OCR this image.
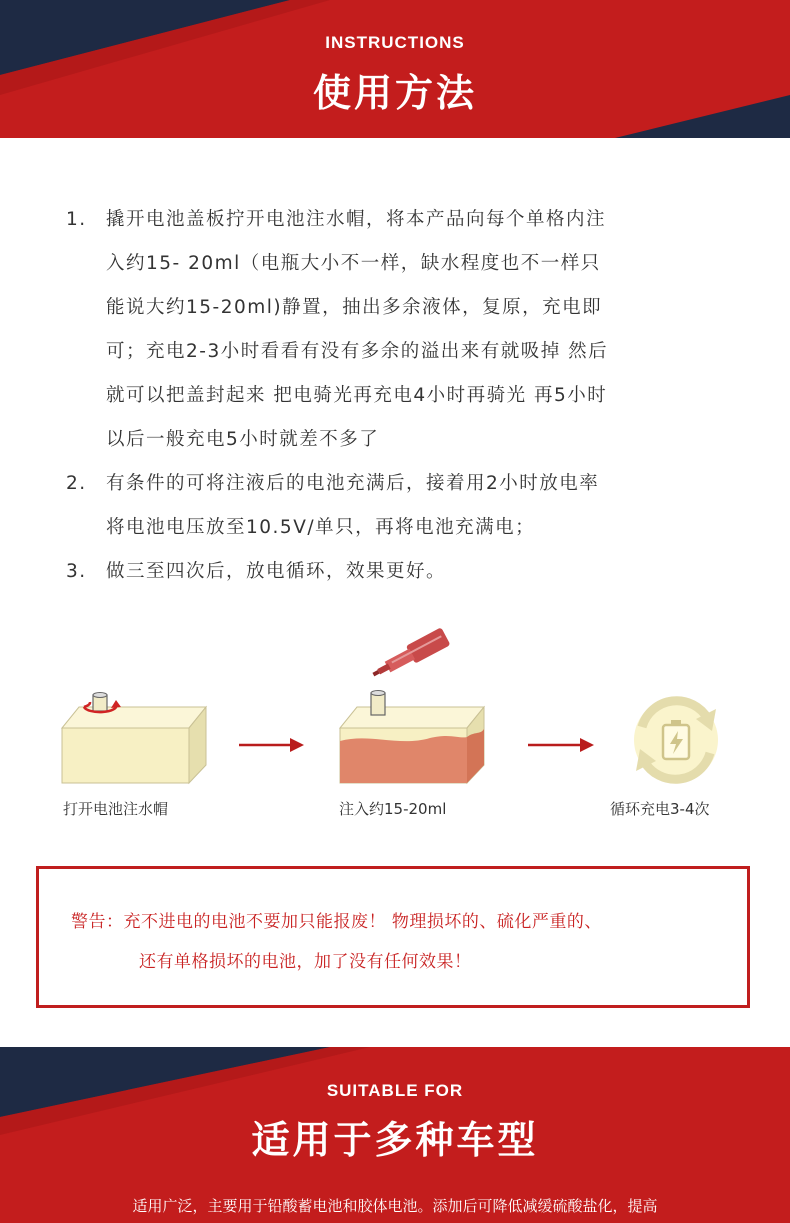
INSTRUCTIONS
使用方法
1.	撬开电池盖板拧开电池注水帽，将本产品向每个单格内注
入约15- 20ml（电瓶大小不一样，缺水程度也不一样只
能说大约15-20ml)静置，抽出多余液体，复原，充电即
可；充电2-3小时看看有没有多余的溢出来有就吸掉 然后
就可以把盖封起来 把电骑光再充电4小时再骑光 再5小时
以后一般充电5小时就差不多了
2.	有条件的可将注液后的电池充满后，接着用2小时放电率
将电池电压放至10.5V/单只，再将电池充满电；
3.	做三至四次后，放电循环，效果更好。
打开电池注水帽	注入约15-20ml	循环充电3-4次
警告：充不进电的电池不要加只能报废！ 物理损坏的、硫化严重的、
还有单格损坏的电池，加了没有任何效果！
SUITABLE FOR
适用于多种车型
适用广泛，主要用于铅酸蓄电池和胶体电池。添加后可降低减缓硫酸盐化，提高
